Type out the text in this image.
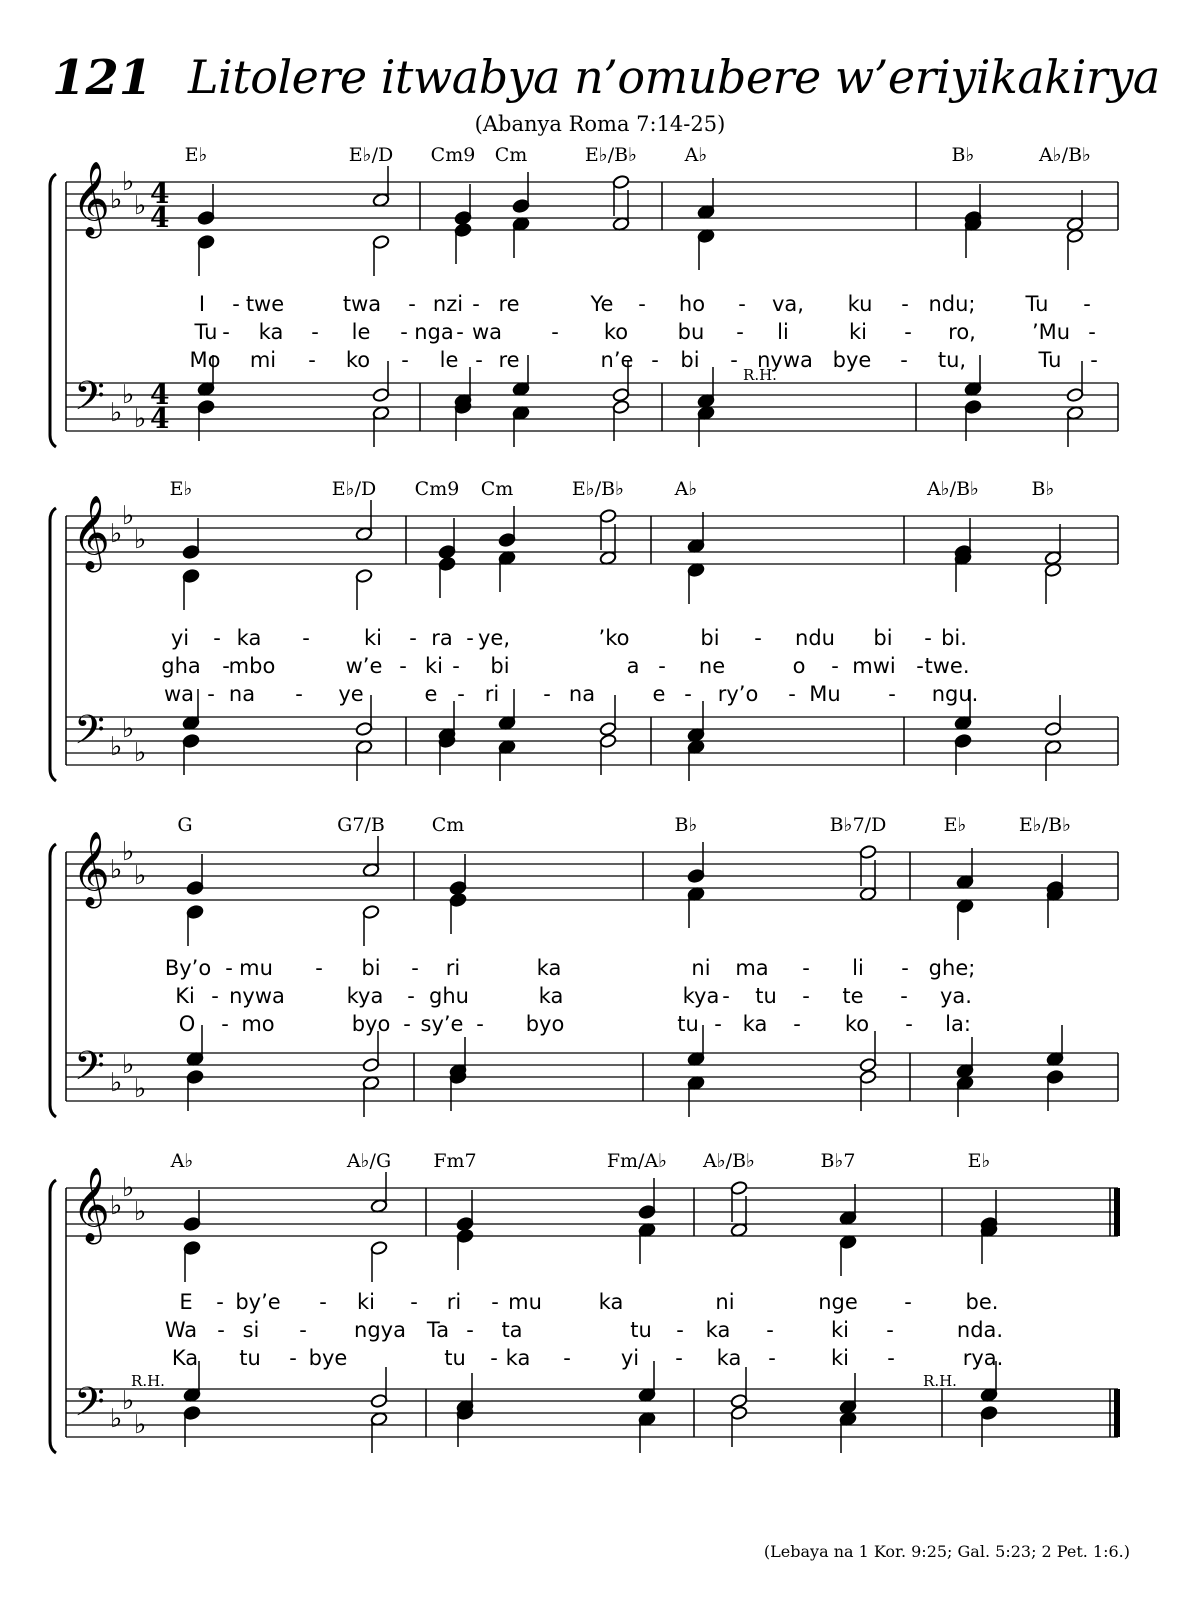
121 Litolere itwabya n’omubere w’eriyikakirya
(Abanya Roma 7:14-25)
𝄞 ♭
♭
♭ 4
4
𝄢 ♭
♭
♭
4
4
𝄞 ♭
♭
♭
𝄢 ♭
♭
♭
𝄞 ♭
♭
♭
𝄢 ♭
♭
♭
𝄞 ♭
♭
♭
𝄢 ♭
♭
♭
E♭	E♭/D Cm9 Cm	E♭/B♭	A♭	B♭	A♭/B♭
I - twe	twa - nzi - re	Ye - ho - va, ku - ndu; Tu -
Tu - ka - le - nga - wa - ko bu - li	ki - ro,	’Mu -
Mo mi - ko - le - re	n’e - bi - nywa bye - tu,	Tu -
E♭	E♭/D Cm9 Cm	E♭/B♭	A♭	A♭/B♭	B♭
yi - ka -	ki - ra - ye,	’ko	bi - ndu bi - bi.
gha -
mbo	w’e - ki - bi	a - ne	o - mwi - twe.
wa - na - ye	e - ri - na	e - ry’o - Mu - ngu.
G	G7/B Cm	B♭	B♭7/D	E♭	E♭/B♭
By’o - mu - bi - ri	ka	ni ma - li - ghe;
Ki - nywa	kya - ghu	ka	kya - tu - te - ya.
O - mo	byo - sy’e - byo	tu - ka - ko - la:
A♭	A♭/G Fm7	Fm/A♭ A♭/B♭	B♭7	E♭
E - by’e - ki - ri - mu	ka	ni	nge -	be.
Wa - si - ngya Ta - ta	tu - ka -	ki -	nda.
Ka tu - bye	tu - ka - yi - ka -	ki -	rya.
R.H.
R.H.	R.H.
(Lebaya na 1 Kor. 9:25; Gal. 5:23; 2 Pet. 1:6.)
